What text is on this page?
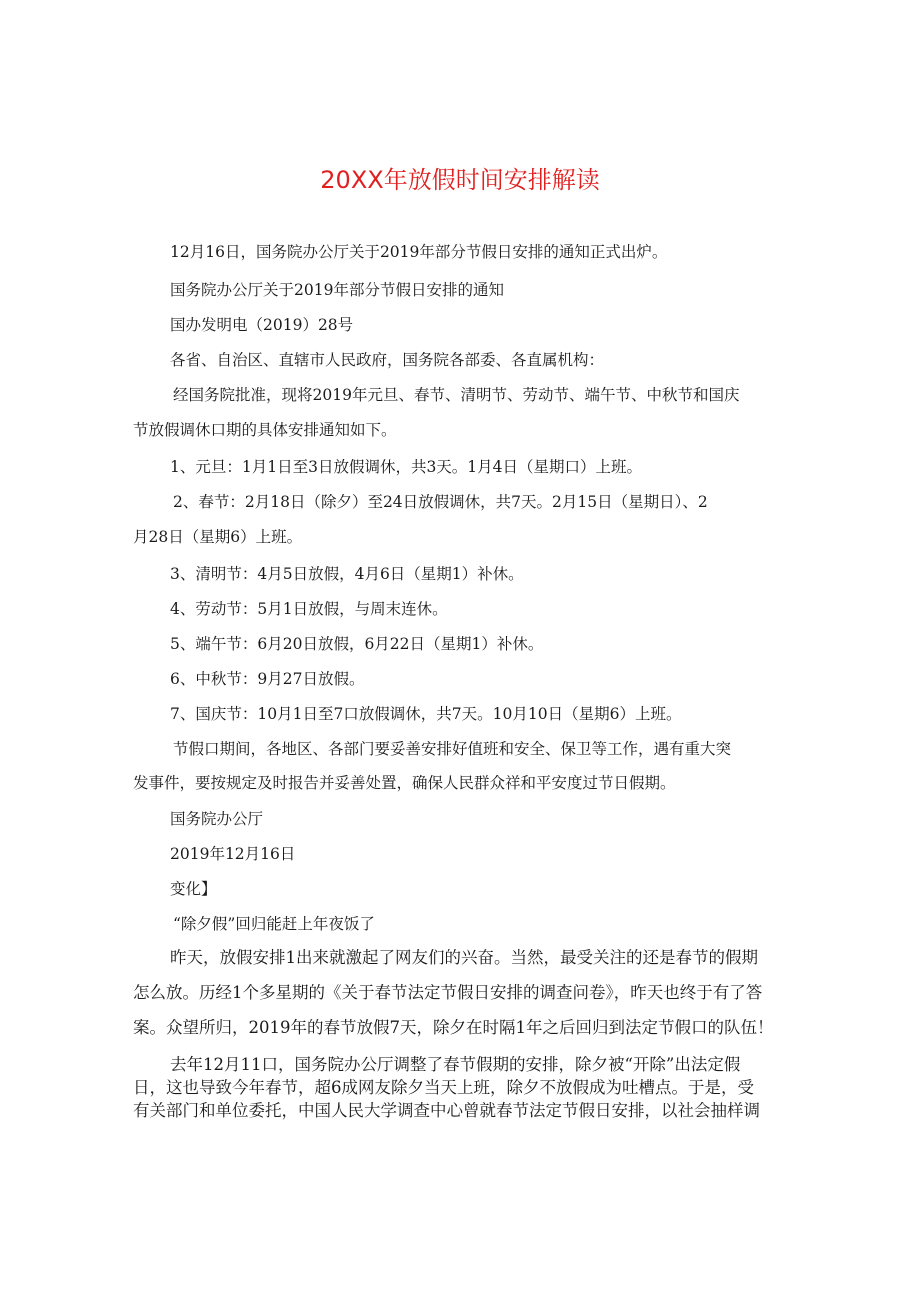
20XX年放假时间安排解读
12月16日，国务院办公厅关于2019年部分节假日安排的通知正式出炉。
国务院办公厅关于2019年部分节假日安排的通知
国办发明电（2019）28号
各省、自治区、直辖市人民政府，国务院各部委、各直属机构：
经国务院批准，现将2019年元旦、春节、清明节、劳动节、端午节、中秋节和国庆
节放假调休口期的具体安排通知如下。
1、元旦：1月1日至3日放假调休，共3天。1月4日（星期口）上班。
2、春节：2月18日（除夕）至24日放假调休，共7天。2月15日（星期日）、2
月28日（星期6）上班。
3、清明节：4月5日放假，4月6日（星期1）补休。
4、劳动节：5月1日放假，与周末连休。
5、端午节：6月20日放假，6月22日（星期1）补休。
6、中秋节：9月27日放假。
7、国庆节：10月1日至7口放假调休，共7天。10月10日（星期6）上班。
节假口期间，各地区、各部门要妥善安排好值班和安全、保卫等工作，遇有重大突
发事件，要按规定及时报告并妥善处置，确保人民群众祥和平安度过节日假期。
国务院办公厅
2019年12月16日
变化】
“除夕假”回归能赶上年夜饭了
昨天，放假安排1出来就激起了网友们的兴奋。当然，最受关注的还是春节的假期
怎么放。历经1个多星期的《关于春节法定节假日安排的调查问卷》，昨天也终于有了答
案。众望所归，2019年的春节放假7天，除夕在时隔1年之后回归到法定节假口的队伍！
去年12月11口，国务院办公厅调整了春节假期的安排，除夕被“开除”出法定假
日，这也导致今年春节，超6成网友除夕当天上班，除夕不放假成为吐槽点。于是，受
有关部门和单位委托，中国人民大学调查中心曾就春节法定节假日安排，以社会抽样调
